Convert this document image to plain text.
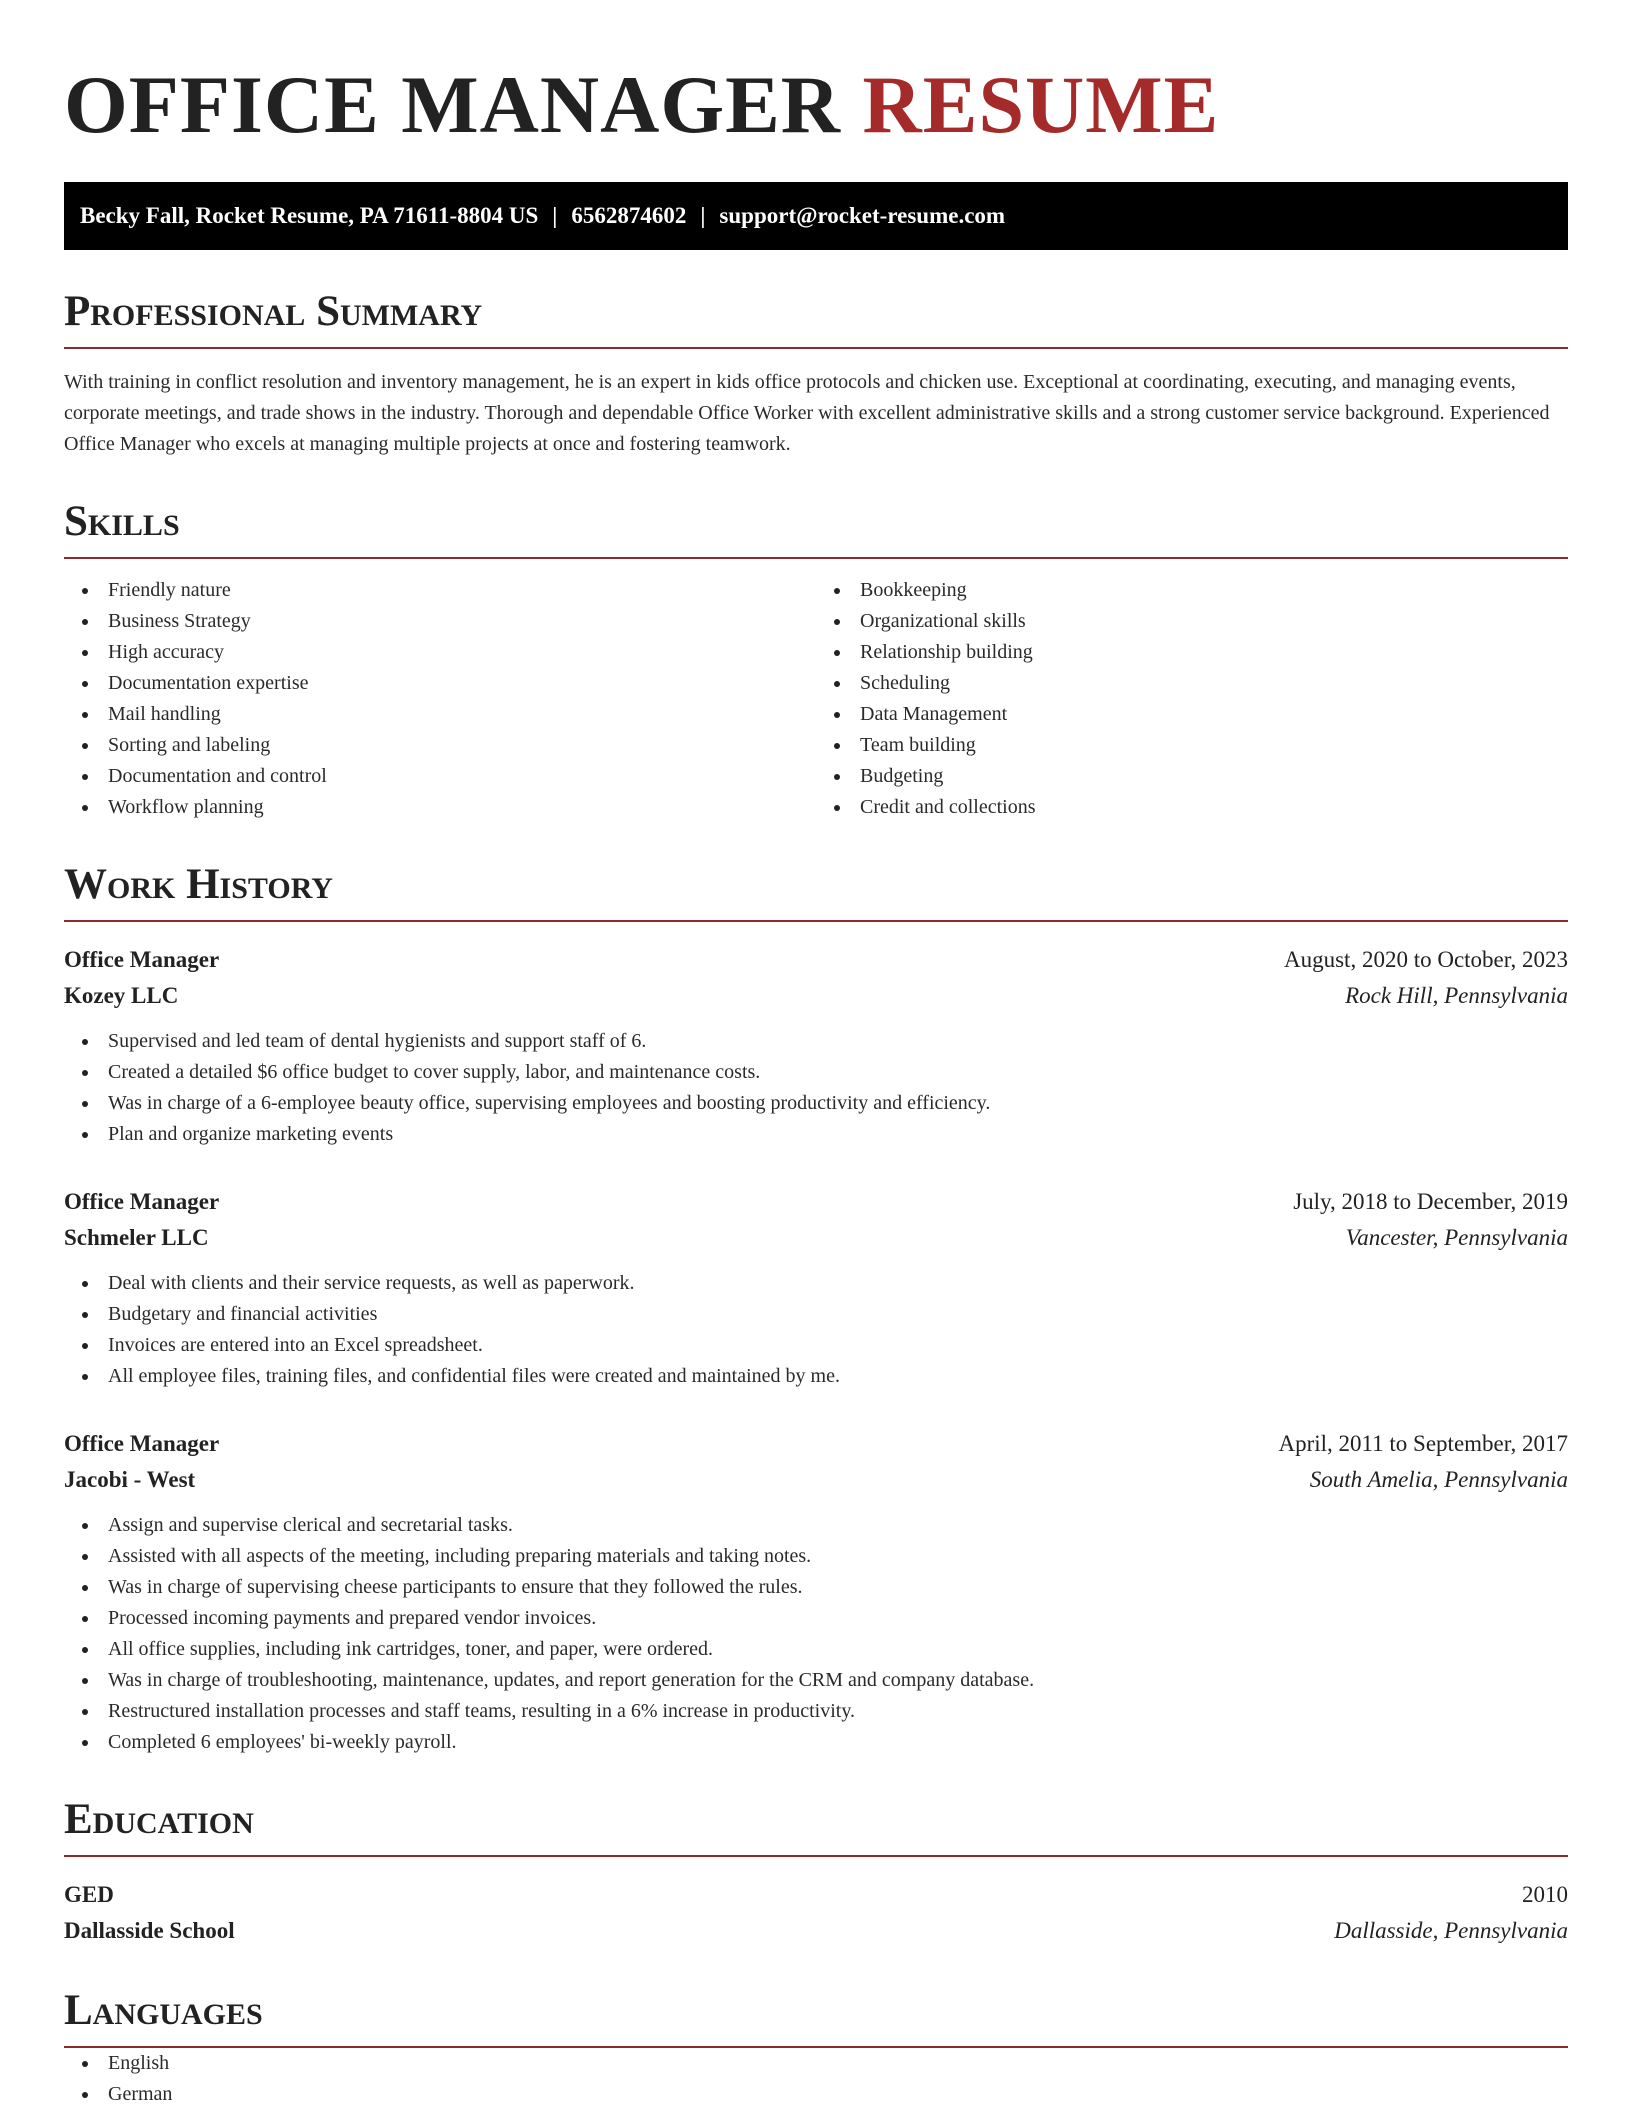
OFFICE MANAGER RESUME
Becky Fall, Rocket Resume, PA 71611-8804 US | 6562874602 | support@rocket-resume.com
Professional Summary

With training in conflict resolution and inventory management, he is an expert in kids office protocols and chicken use. Exceptional at coordinating, executing, and managing events, corporate meetings, and trade shows in the industry. Thorough and dependable Office Worker with excellent administrative skills and a strong customer service background. Experienced Office Manager who excels at managing multiple projects at once and fostering teamwork.

Skills
Friendly nature
Business Strategy
High accuracy
Documentation expertise
Mail handling
Sorting and labeling
Documentation and control
Workflow planning
Bookkeeping
Organizational skills
Relationship building
Scheduling
Data Management
Team building
Budgeting
Credit and collections
Work History
Office Manager	August, 2020 to October, 2023
Kozey LLC	Rock Hill, Pennsylvania
Supervised and led team of dental hygienists and support staff of 6.
Created a detailed $6 office budget to cover supply, labor, and maintenance costs.
Was in charge of a 6-employee beauty office, supervising employees and boosting productivity and efficiency.
Plan and organize marketing events
Office Manager	July, 2018 to December, 2019
Schmeler LLC	Vancester, Pennsylvania
Deal with clients and their service requests, as well as paperwork.
Budgetary and financial activities
Invoices are entered into an Excel spreadsheet.
All employee files, training files, and confidential files were created and maintained by me.
Office Manager	April, 2011 to September, 2017
Jacobi - West	South Amelia, Pennsylvania
Assign and supervise clerical and secretarial tasks.
Assisted with all aspects of the meeting, including preparing materials and taking notes.
Was in charge of supervising cheese participants to ensure that they followed the rules.
Processed incoming payments and prepared vendor invoices.
All office supplies, including ink cartridges, toner, and paper, were ordered.
Was in charge of troubleshooting, maintenance, updates, and report generation for the CRM and company database.
Restructured installation processes and staff teams, resulting in a 6% increase in productivity.
Completed 6 employees' bi-weekly payroll.
Education
GED	2010
Dallasside School	Dallasside, Pennsylvania
Languages
English
German
